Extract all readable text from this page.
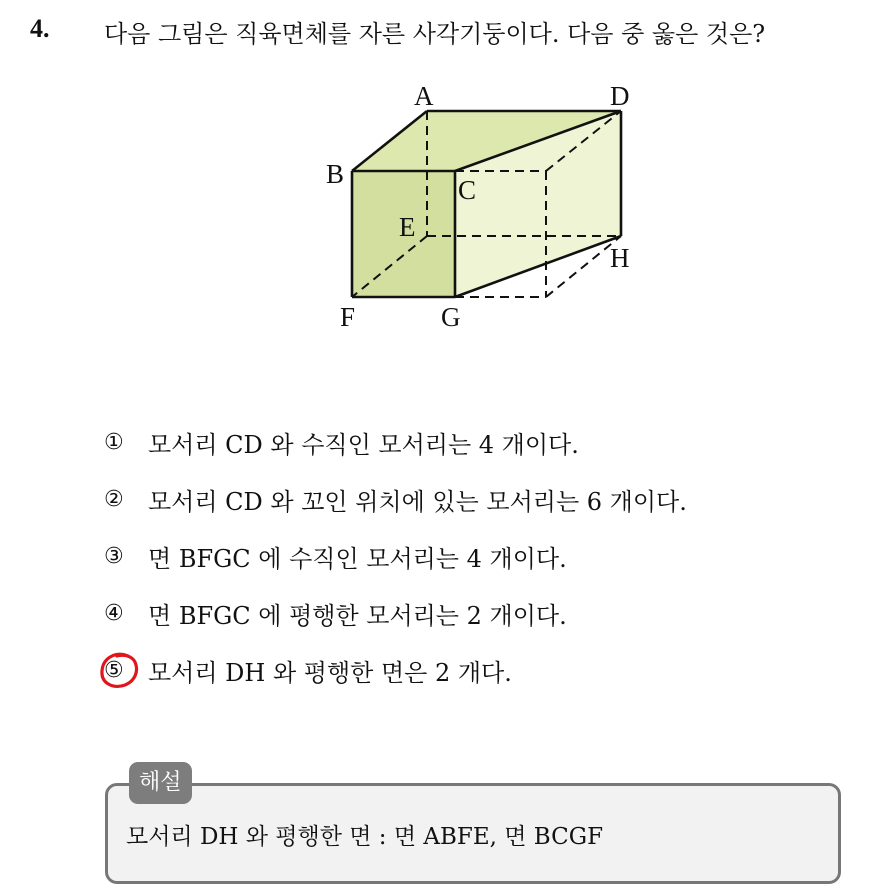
4. 다음 그림은 직육면체를 자른 사각기둥이다. 다음 중 옳은 것은?
A	D
B
C
E
H
F	G
①	모서리 CD 와 수직인 모서리는 4 개이다.
②	모서리 CD 와 꼬인 위치에 있는 모서리는 6 개이다.
③	면 BFGC 에 수직인 모서리는 4 개이다.
④	면 BFGC 에 평행한 모서리는 2 개이다.
⑤	모서리 DH 와 평행한 면은 2 개다.
해설
모서리 DH 와 평행한 면 : 면 ABFE, 면 BCGF
